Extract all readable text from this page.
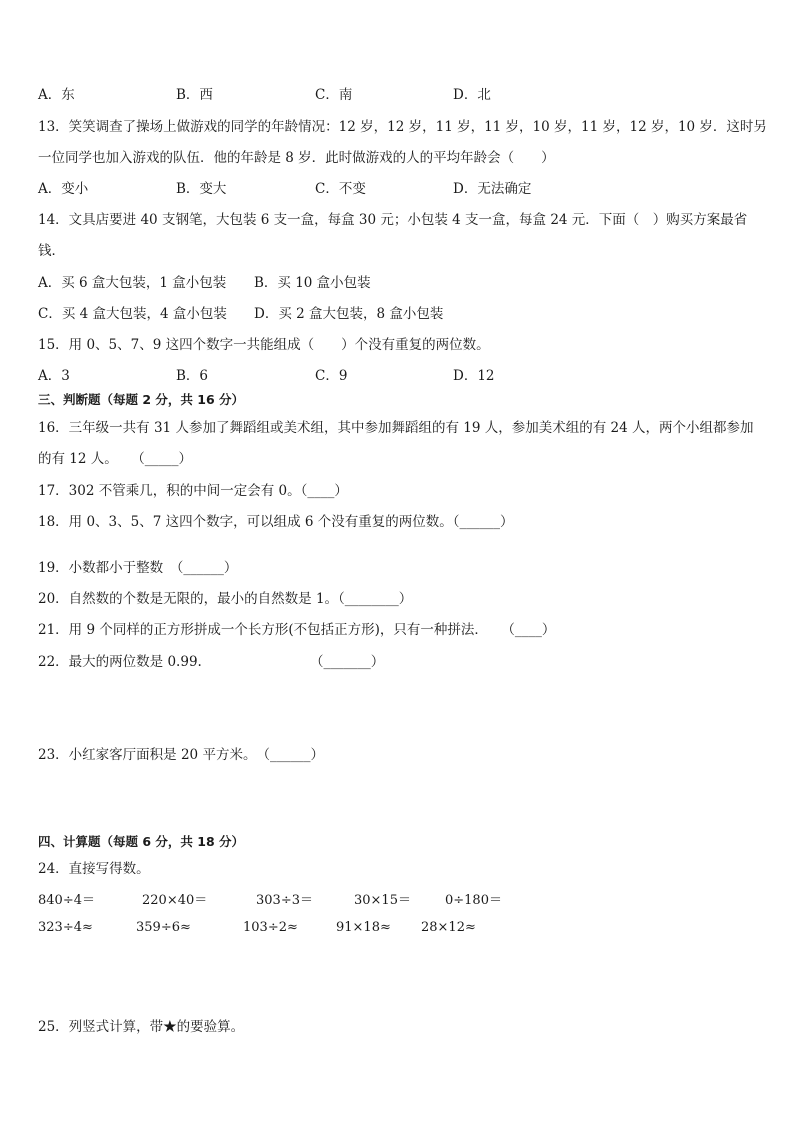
A．东	B．西	C．南	D．北
13．笑笑调查了操场上做游戏的同学的年龄情况：12 岁，12 岁，11 岁，11 岁，10 岁，11 岁，12 岁，10 岁．这时另
一位同学也加入游戏的队伍．他的年龄是 8 岁．此时做游戏的人的平均年龄会（　　）
A．变小	B．变大	C．不变	D．无法确定
14．文具店要进 40 支钢笔，大包装 6 支一盒，每盒 30 元；小包装 4 支一盒，每盒 24 元．下面（　）购买方案最省
钱．
A．买 6 盒大包装，1 盒小包装 B．买 10 盒小包装
C．买 4 盒大包装，4 盒小包装 D．买 2 盒大包装，8 盒小包装
15．用 0、5、7、9 这四个数字一共能组成（　　）个没有重复的两位数。
A．3	B．6	C．9	D．12
三、判断题（每题 2 分，共 16 分）
16．三年级一共有 31 人参加了舞蹈组或美术组，其中参加舞蹈组的有 19 人，参加美术组的有 24 人，两个小组都参加
的有 12 人。　　（_____）
17．302 不管乘几，积的中间一定会有 0。（____）
18．用 0、3、5、7 这四个数字，可以组成 6 个没有重复的两位数。（______）
19．小数都小于整数　（______）
20．自然数的个数是无限的，最小的自然数是 1。（________）
21．用 9 个同样的正方形拼成一个长方形(不包括正方形)，只有一种拼法．　　（____）
22．最大的两位数是 0.99.	（_______）
23．小红家客厅面积是 20 平方米。　（______）
四、计算题（每题 6 分，共 18 分）
24．直接写得数。
840÷4＝	220×40＝	303÷3＝	30×15＝	0÷180＝
323÷4≈	359÷6≈	103÷2≈	91×18≈ 28×12≈
25．列竖式计算，带★的要验算。
